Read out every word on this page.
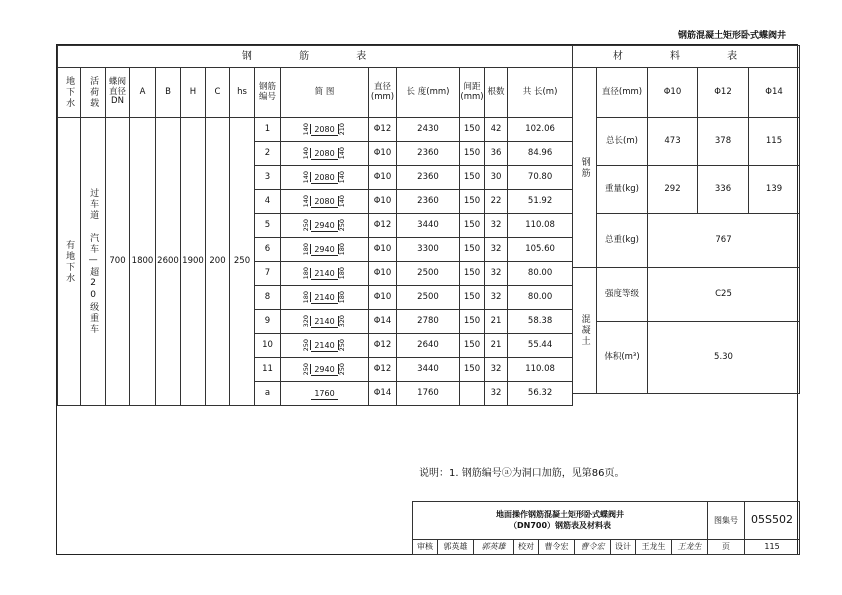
钢筋混凝土矩形卧式蝶阀井
钢 筋 表														
地下水	活荷载	蝶阀直径DN	A	B	H	C	hs	钢筋编号	简 图	直径(mm)	长 度(mm)	间距(mm)	根数	共 长(m)
有地下水	过车道 汽车—超20级重车	700	1800	2600	1900	200	250	1	140 2080 210	Φ12	2430	150	42	102.06
								2	140 2080 140	Φ10	2360	150	36	84.96
								3	140 2080 140	Φ10	2360	150	30	70.80
								4	140 2080 140	Φ10	2360	150	22	51.92
								5	250 2940 250	Φ12	3440	150	32	110.08
								6	180 2940 180	Φ10	3300	150	32	105.60
								7	180 2140 180	Φ10	2500	150	32	80.00
								8	180 2140 180	Φ10	2500	150	32	80.00
								9	320 2140 320	Φ14	2780	150	21	58.38
								10	250 2140 250	Φ12	2640	150	21	55.44
								11	250 2940 250	Φ12	3440	150	32	110.08
								a	1760	Φ14	1760		32	56.32
材 料 表				
钢筋	直径(mm)	Φ10	Φ12	Φ14
	总长(m)	473	378	115
	重量(kg)	292	336	139
	总重(kg)	767		
混凝土	强度等级	C25		
	体积(m³)	5.30		
说明：1. 钢筋编号ⓐ为洞口加筋，见第86页。
地面操作钢筋混凝土矩形卧式蝶阀井
（DN700）钢筋表及材料表									图集号	05S502
审核	郭英雄	郭英雄	校对	曹令宏	曹令宏	设计	王龙生	王龙生	页	115
